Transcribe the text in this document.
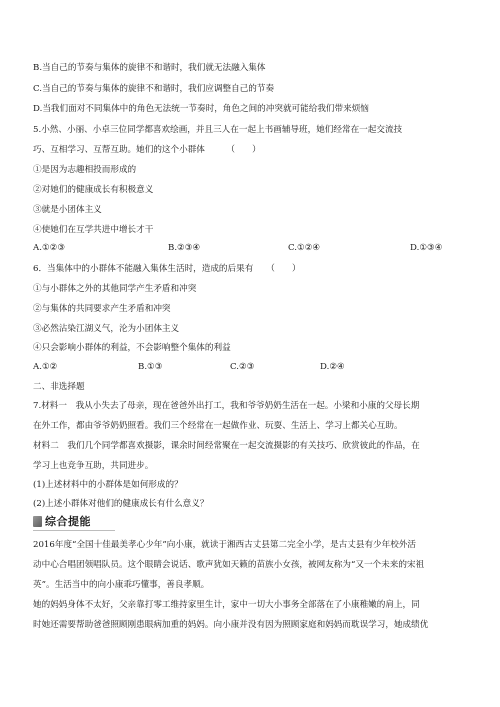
B.当自己的节奏与集体的旋律不和谐时，我们就无法融入集体
C.当自己的节奏与集体的旋律不和谐时，我们应调整自己的节奏
D.当我们面对不同集体中的角色无法统一节奏时，角色之间的冲突就可能给我们带来烦恼
5.小然、小丽、小卓三位同学都喜欢绘画，并且三人在一起上书画辅导班，她们经常在一起交流技
巧、互相学习、互帮互助。她们的这个小群体　　　（　　）
①是因为志趣相投而形成的
②对她们的健康成长有积极意义
③就是小团体主义
④使她们在互学共进中增长才干
A.①②③	B.②③④	C.①②④	D.①③④
6．当集体中的小群体不能融入集体生活时，造成的后果有　　（　　）
①与小群体之外的其他同学产生矛盾和冲突
②与集体的共同要求产生矛盾和冲突
③必然沾染江湖义气，沦为小团体主义
④只会影响小群体的利益，不会影响整个集体的利益
A.①②	B.①③	C.②③	D.②④
二、非选择题
7.材料一　我从小失去了母亲，现在爸爸外出打工，我和爷爷奶奶生活在一起。小梁和小康的父母长期
在外工作，都由爷爷奶奶照看。我们三个经常在一起做作业、玩耍、生活上、学习上都关心互助。
材料二　我们几个同学都喜欢摄影，课余时间经常聚在一起交流摄影的有关技巧、欣赏彼此的作品，在
学习上也竞争互助，共同进步。
(1)上述材料中的小群体是如何形成的？
(2)上述小群体对他们的健康成长有什么意义？
综合提能
2016年度“全国十佳最美孝心少年”向小康，就读于湘西古丈县第二完全小学，是古丈县有少年校外活
动中心合唱团领唱队员。这个眼睛会说话、歌声犹如天籁的苗族小女孩，被网友称为“又一个未来的宋祖
英”。生活当中的向小康乖巧懂事，善良孝顺。
她的妈妈身体不太好，父亲靠打零工维持家里生计，家中一切大小事务全部落在了小康稚嫩的肩上，同
时她还需要帮助爸爸照顾刚患眼病加重的妈妈。向小康并没有因为照顾家庭和妈妈而耽误学习，她成绩优
